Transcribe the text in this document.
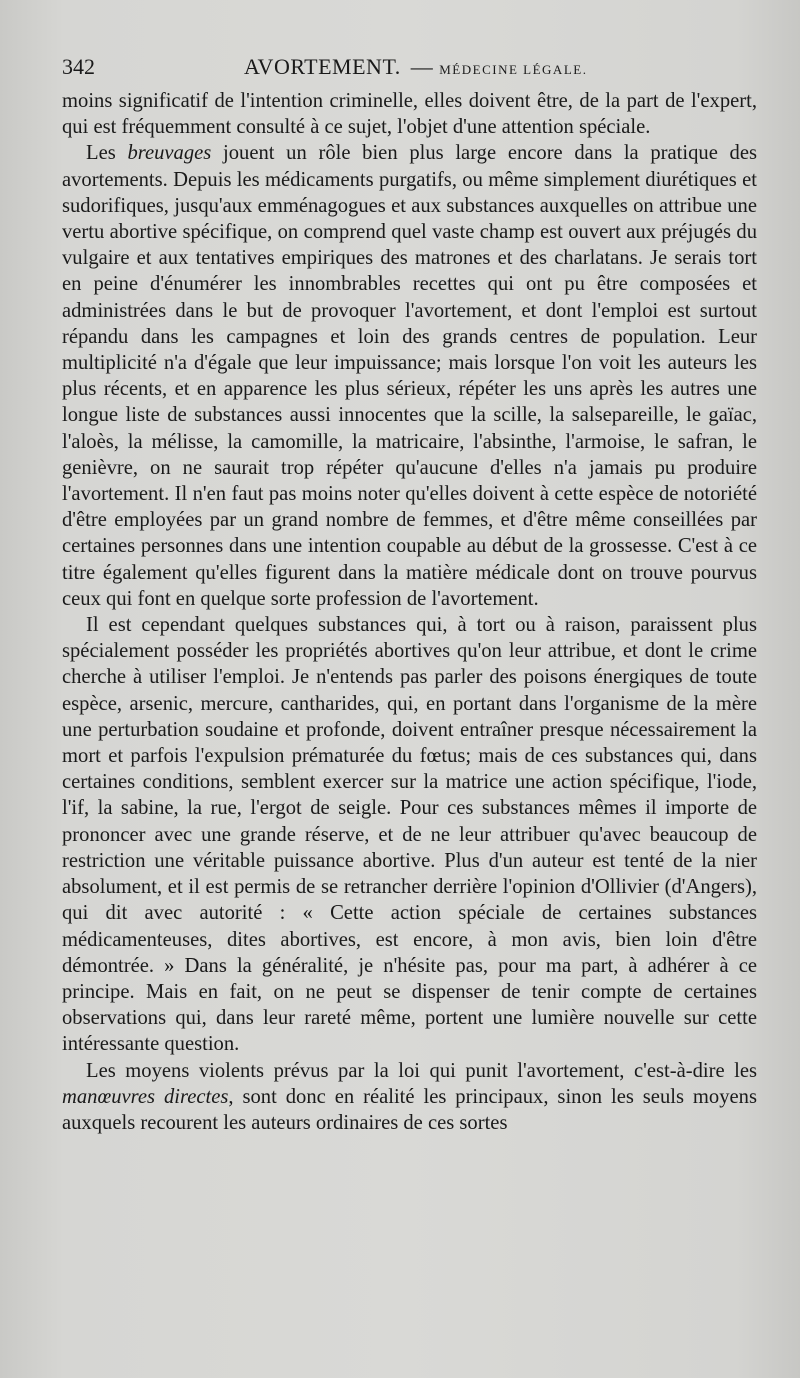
342	AVORTEMENT. — MÉDECINE LÉGALE.

moins significatif de l'intention criminelle, elles doivent être, de la part de l'expert, qui est fréquemment consulté à ce sujet, l'objet d'une attention spéciale.

Les breuvages jouent un rôle bien plus large encore dans la pratique des avortements. Depuis les médicaments purgatifs, ou même simplement diurétiques et sudorifiques, jusqu'aux emménagogues et aux substances auxquelles on attribue une vertu abortive spécifique, on comprend quel vaste champ est ouvert aux préjugés du vulgaire et aux tentatives empiriques des matrones et des charlatans. Je serais tort en peine d'énumérer les innombrables recettes qui ont pu être composées et administrées dans le but de provoquer l'avortement, et dont l'emploi est surtout répandu dans les campagnes et loin des grands centres de population. Leur multiplicité n'a d'égale que leur impuissance; mais lorsque l'on voit les auteurs les plus récents, et en apparence les plus sérieux, répéter les uns après les autres une longue liste de substances aussi innocentes que la scille, la salsepareille, le gaïac, l'aloès, la mélisse, la camomille, la matricaire, l'absinthe, l'armoise, le safran, le genièvre, on ne saurait trop répéter qu'aucune d'elles n'a jamais pu produire l'avortement. Il n'en faut pas moins noter qu'elles doivent à cette espèce de notoriété d'être employées par un grand nombre de femmes, et d'être même conseillées par certaines personnes dans une intention coupable au début de la grossesse. C'est à ce titre également qu'elles figurent dans la matière médicale dont on trouve pourvus ceux qui font en quelque sorte profession de l'avortement.

Il est cependant quelques substances qui, à tort ou à raison, paraissent plus spécialement posséder les propriétés abortives qu'on leur attribue, et dont le crime cherche à utiliser l'emploi. Je n'entends pas parler des poisons énergiques de toute espèce, arsenic, mercure, cantharides, qui, en portant dans l'organisme de la mère une perturbation soudaine et profonde, doivent entraîner presque nécessairement la mort et parfois l'expulsion prématurée du fœtus; mais de ces substances qui, dans certaines conditions, semblent exercer sur la matrice une action spécifique, l'iode, l'if, la sabine, la rue, l'ergot de seigle. Pour ces substances mêmes il importe de prononcer avec une grande réserve, et de ne leur attribuer qu'avec beaucoup de restriction une véritable puissance abortive. Plus d'un auteur est tenté de la nier absolument, et il est permis de se retrancher derrière l'opinion d'Ollivier (d'Angers), qui dit avec autorité : « Cette action spéciale de certaines substances médicamenteuses, dites abortives, est encore, à mon avis, bien loin d'être démontrée. » Dans la généralité, je n'hésite pas, pour ma part, à adhérer à ce principe. Mais en fait, on ne peut se dispenser de tenir compte de certaines observations qui, dans leur rareté même, portent une lumière nouvelle sur cette intéressante question.

Les moyens violents prévus par la loi qui punit l'avortement, c'est-à-dire les manœuvres directes, sont donc en réalité les principaux, sinon les seuls moyens auxquels recourent les auteurs ordinaires de ces sortes
